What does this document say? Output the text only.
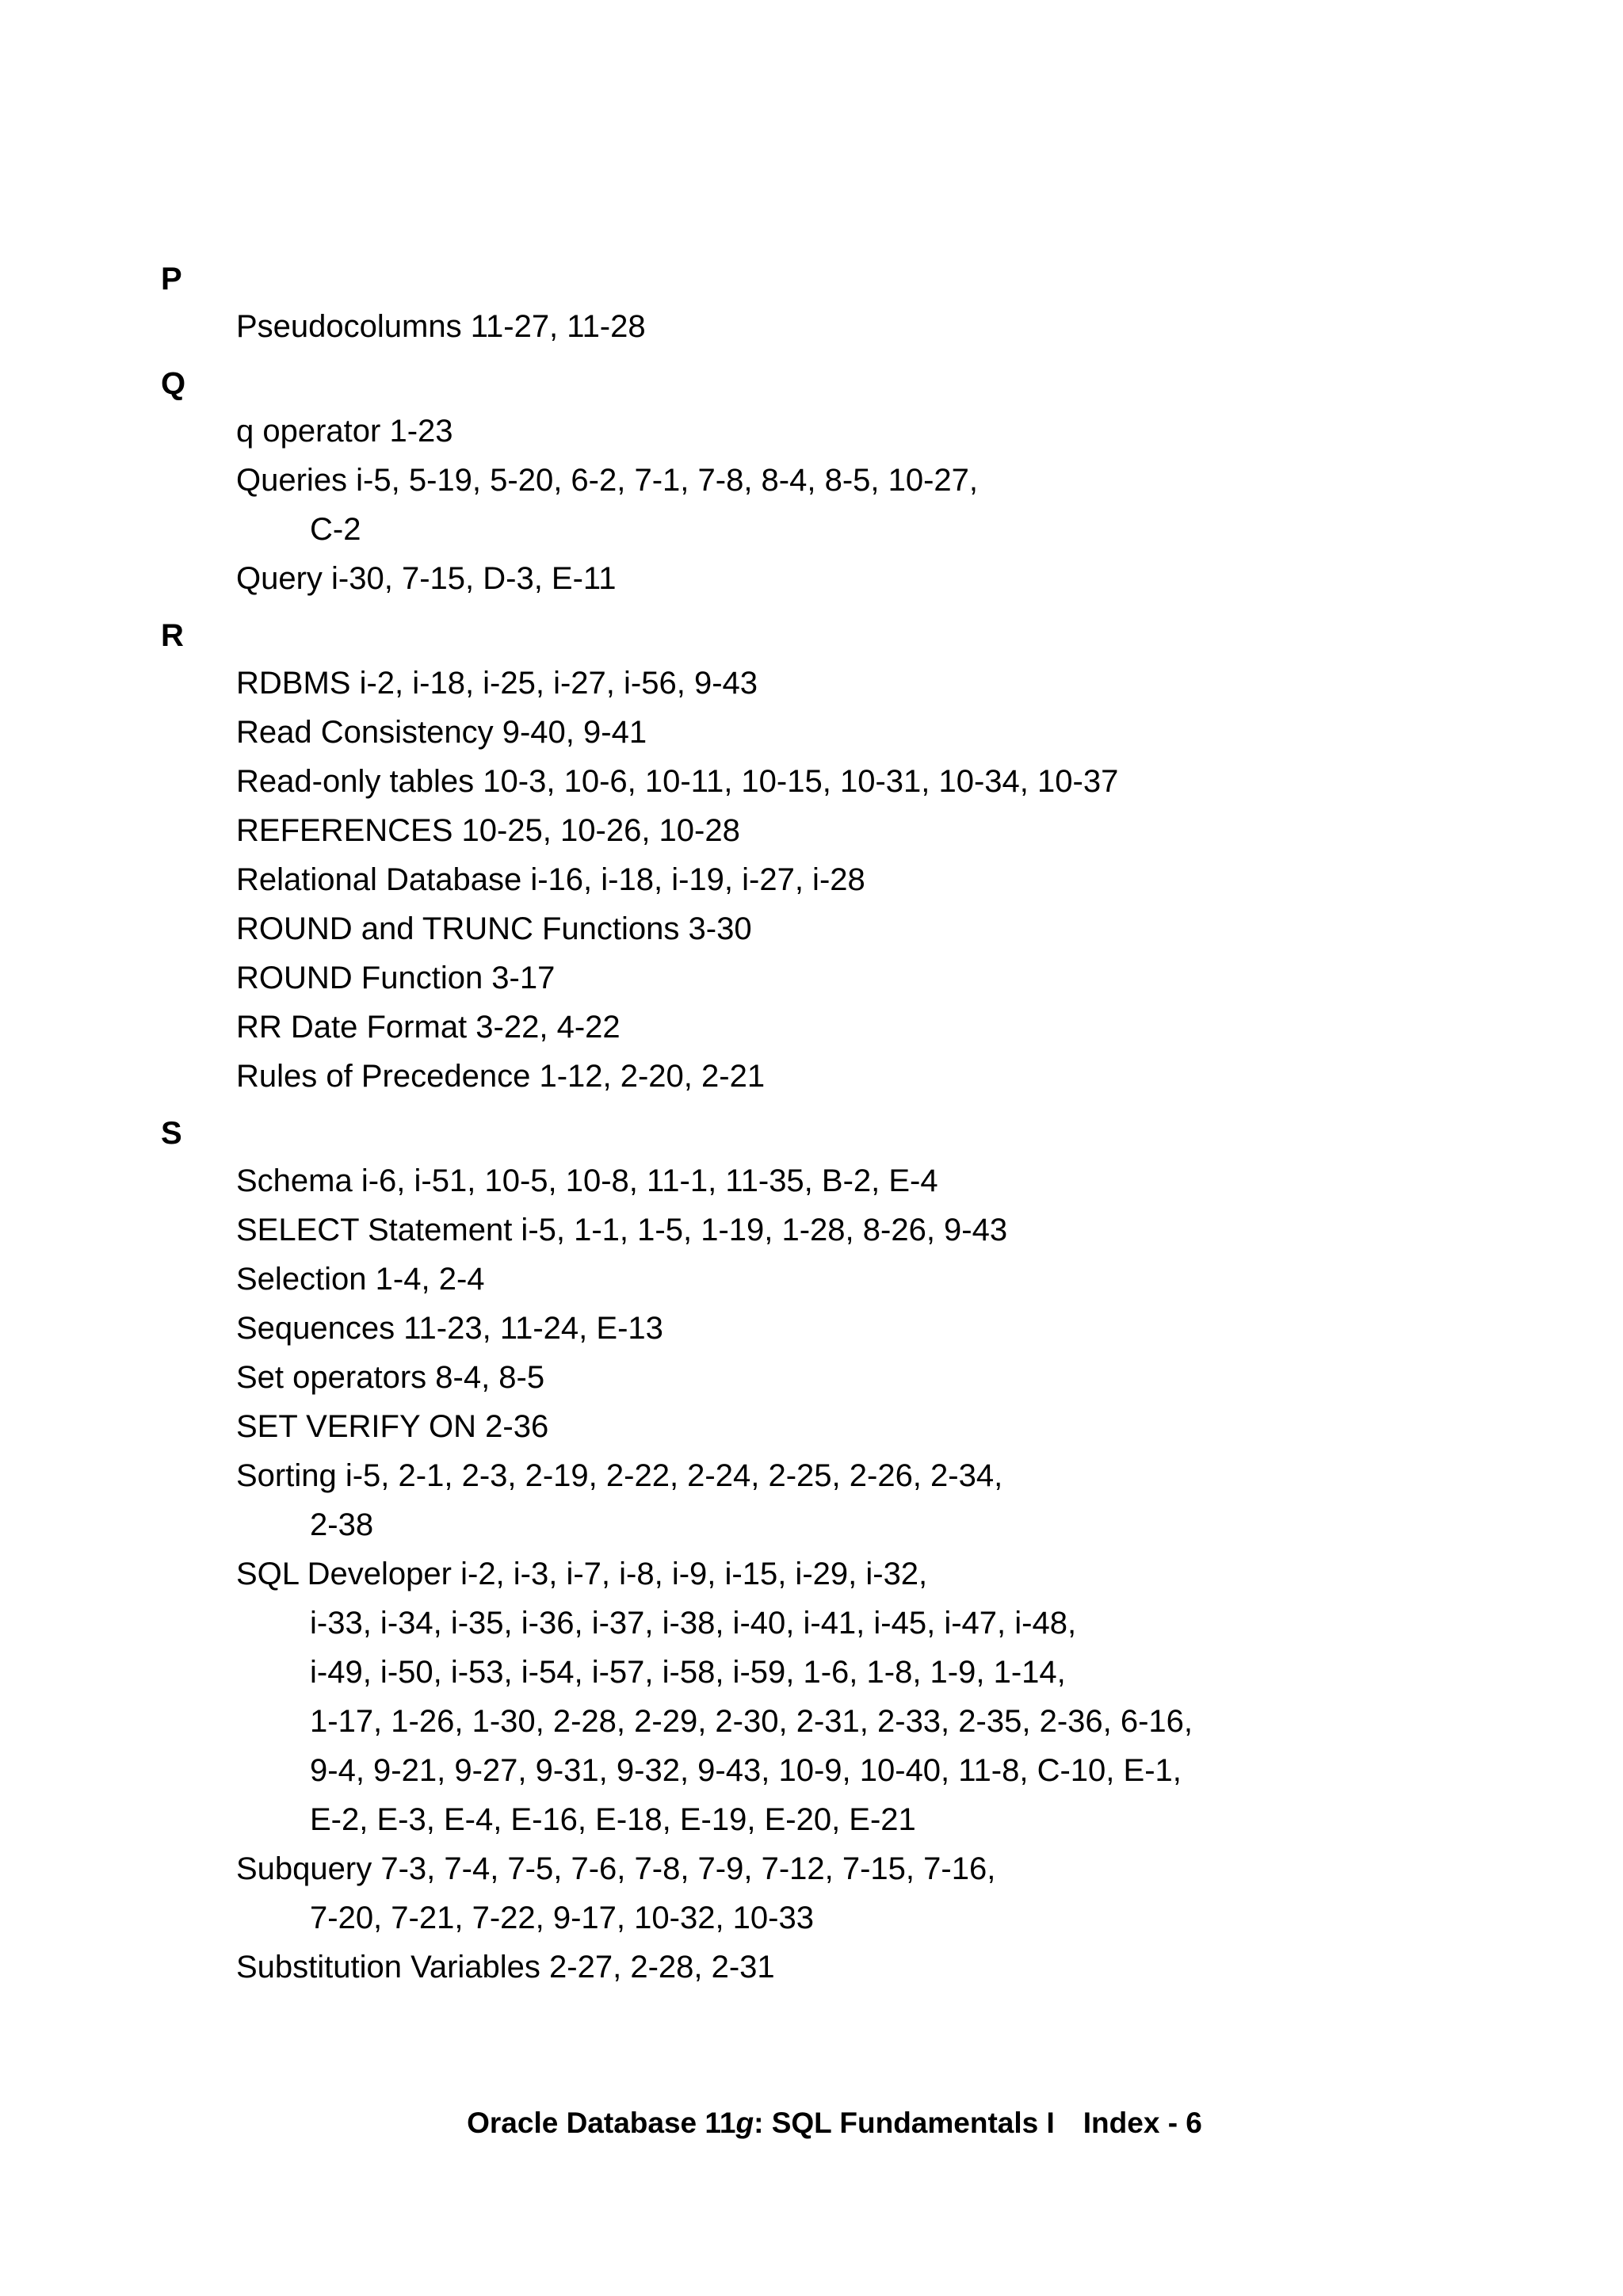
P
Pseudocolumns 11-27, 11-28
Q
q operator 1-23
Queries i-5, 5-19, 5-20, 6-2, 7-1, 7-8, 8-4, 8-5, 10-27,
C-2
Query i-30, 7-15, D-3, E-11
R
RDBMS i-2, i-18, i-25, i-27, i-56, 9-43
Read Consistency 9-40, 9-41
Read-only tables 10-3, 10-6, 10-11, 10-15, 10-31, 10-34, 10-37
REFERENCES 10-25, 10-26, 10-28
Relational Database i-16, i-18, i-19, i-27, i-28
ROUND and TRUNC Functions 3-30
ROUND Function 3-17
RR Date Format 3-22, 4-22
Rules of Precedence 1-12, 2-20, 2-21
S
Schema i-6, i-51, 10-5, 10-8, 11-1, 11-35, B-2, E-4
SELECT Statement i-5, 1-1, 1-5, 1-19, 1-28, 8-26, 9-43
Selection 1-4, 2-4
Sequences 11-23, 11-24, E-13
Set operators 8-4, 8-5
SET VERIFY ON 2-36
Sorting i-5, 2-1, 2-3, 2-19, 2-22, 2-24, 2-25, 2-26, 2-34,
2-38
SQL Developer i-2, i-3, i-7, i-8, i-9, i-15, i-29, i-32,
i-33, i-34, i-35, i-36, i-37, i-38, i-40, i-41, i-45, i-47, i-48,
i-49, i-50, i-53, i-54, i-57, i-58, i-59, 1-6, 1-8, 1-9, 1-14,
1-17, 1-26, 1-30, 2-28, 2-29, 2-30, 2-31, 2-33, 2-35, 2-36, 6-16,
9-4, 9-21, 9-27, 9-31, 9-32, 9-43, 10-9, 10-40, 11-8, C-10, E-1,
E-2, E-3, E-4, E-16, E-18, E-19, E-20, E-21
Subquery 7-3, 7-4, 7-5, 7-6, 7-8, 7-9, 7-12, 7-15, 7-16,
7-20, 7-21, 7-22, 9-17, 10-32, 10-33
Substitution Variables 2-27, 2-28, 2-31
Oracle Database 11g: SQL Fundamentals I Index - 6
